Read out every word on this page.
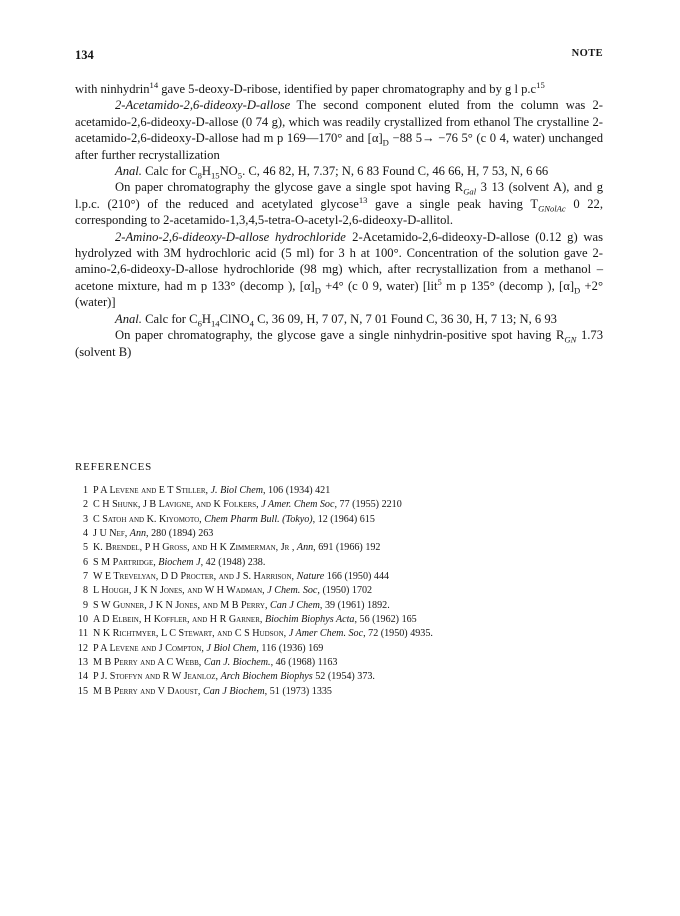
134	NOTE

with ninhydrin$^{14}$ gave 5-deoxy-D-ribose, identified by paper chromatography and by g l $p.c^{15}$

2-Acetamido-2,6-dideoxy-D-allose The second component eluted from the column was 2-acetamido-2,6-dideoxy-D-allose (0 74 g), which was readily crystallized from ethanol The crystalline 2-acetamido-2,6-dideoxy-D-allose had m p 169—170° and $[\alpha]_D -88$ 5→ −76 5° (c 0 4, water) unchanged after further recrystallization

Anal. Calc for $C_8H_{15}NO_5$. C, 46 82, H, 7.37; N, 6 83 Found C, 46 66, H, 7 53, N, 6 66

On paper chromatography the glycose gave a single spot having $R_{Gal}$ 3 13 (solvent A), and g l.p.c. (210°) of the reduced and acetylated glycose$^{13}$ gave a single peak having $T_{GNolAc}$ 0 22, corresponding to 2-acetamido-1,3,4,5-tetra-O-acetyl-2,6-dideoxy-D-allitol.

2-Amino-2,6-dideoxy-D-allose hydrochloride 2-Acetamido-2,6-dideoxy-D-allose (0.12 g) was hydrolyzed with 3M hydrochloric acid (5 ml) for 3 h at 100°. Concentration of the solution gave 2-amino-2,6-dideoxy-D-allose hydrochloride (98 mg) which, after recrystallization from a methanol –acetone mixture, had m p 133° (decomp ), $[\alpha]_D +4^\circ$ (c 0 9, water) [lit$^5$ m p 135° (decomp ), $[\alpha]_D +2^\circ$ (water)]

Anal. Calc for $C_6H_{14}ClNO_4$ C, 36 09, H, 7 07, N, 7 01 Found C, 36 30, H, 7 13; N, 6 93

On paper chromatography, the glycose gave a single ninhydrin-positive spot having $R_{GN}$ 1.73 (solvent B)

REFERENCES
1 P A Levene and E T Stiller, J. Biol Chem, 106 (1934) 421
2 C H Shunk, J B Lavigne, and K Folkers, J Amer. Chem Soc, 77 (1955) 2210
3 C Satoh and K. Kiyomoto, Chem Pharm Bull. (Tokyo), 12 (1964) 615
4 J U Nef, Ann, 280 (1894) 263
5 K. Brendel, P H Gross, and H K Zimmerman, Jr , Ann, 691 (1966) 192
6 S M Partridge, Biochem J, 42 (1948) 238.
7 W E Trevelyan, D D Procter, and J S. Harrison, Nature 166 (1950) 444
8 L Hough, J K N Jones, and W H Wadman, J Chem. Soc, (1950) 1702
9 S W Gunner, J K N Jones, and M B Perry, Can J Chem, 39 (1961) 1892.
10 A D Elbein, H Koffler, and H R Garner, Biochim Biophys Acta, 56 (1962) 165
11 N K Richtmyer, L C Stewart, and C S Hudson, J Amer Chem. Soc, 72 (1950) 4935.
12 P A Levene and J Compton, J Biol Chem, 116 (1936) 169
13 M B Perry and A C Webb, Can J. Biochem., 46 (1968) 1163
14 P J. Stoffyn and R W Jeanloz, Arch Biochem Biophys 52 (1954) 373.
15 M B Perry and V Daoust, Can J Biochem, 51 (1973) 1335
